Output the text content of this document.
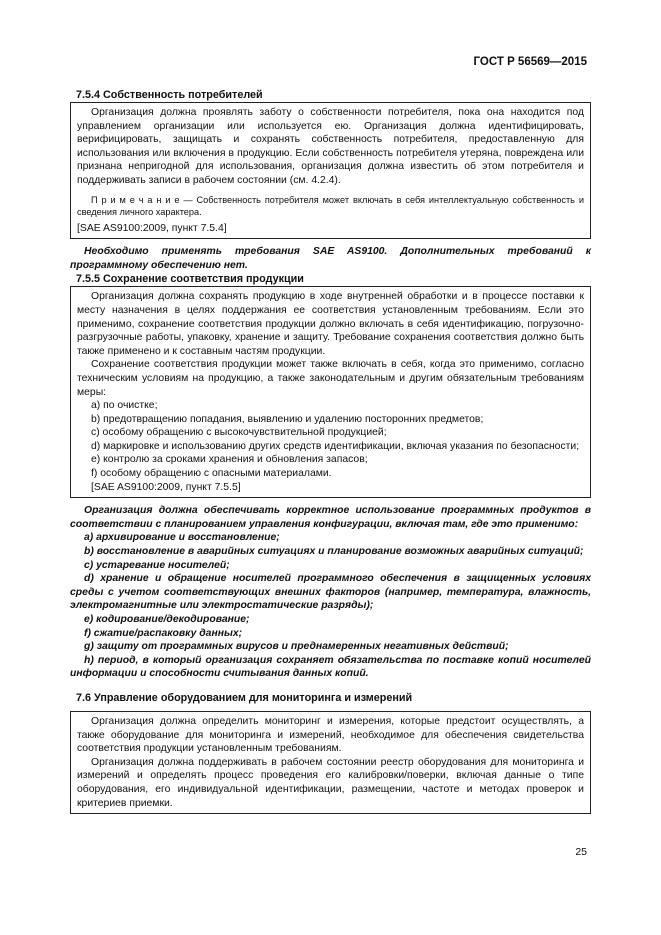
ГОСТ Р 56569—2015
7.5.4 Собственность потребителей

Организация должна проявлять заботу о собственности потребителя, пока она находится под управлением организации или используется ею. Организация должна идентифицировать, верифицировать, защищать и сохранять собственность потребителя, предоставленную для использования или включения в продукцию. Если собственность потребителя утеряна, повреждена или признана непригодной для использования, организация должна известить об этом потребителя и поддерживать записи в рабочем состоянии (см. 4.2.4).

П р и м е ч а н и е — Собственность потребителя может включать в себя интеллектуальную собственность и сведения личного характера.

[SAE AS9100:2009, пункт 7.5.4]

Необходимо применять требования SAE AS9100. Дополнительных требований к программному обеспечению нет.

7.5.5 Сохранение соответствия продукции

Организация должна сохранять продукцию в ходе внутренней обработки и в процессе поставки к месту назначения в целях поддержания ее соответствия установленным требованиям. Если это применимо, сохранение соответствия продукции должно включать в себя идентификацию, погрузочно-разгрузочные работы, упаковку, хранение и защиту. Требование сохранения соответствия должно быть также применено и к составным частям продукции.

Сохранение соответствия продукции может также включать в себя, когда это применимо, согласно техническим условиям на продукцию, а также законодательным и другим обязательным требованиям меры:

a) по очистке;

b) предотвращению попадания, выявлению и удалению посторонних предметов;

c) особому обращению с высокочувствительной продукцией;

d) маркировке и использованию других средств идентификации, включая указания по безопасности;

e) контролю за сроками хранения и обновления запасов;

f) особому обращению с опасными материалами.

[SAE AS9100:2009, пункт 7.5.5]

Организация должна обеспечивать корректное использование программных продуктов в соответствии с планированием управления конфигурации, включая там, где это применимо:

а) архивирование и восстановление;

b) восстановление в аварийных ситуациях и планирование возможных аварийных ситуаций;

с) устаревание носителей;

d) хранение и обращение носителей программного обеспечения в защищенных условиях среды с учетом соответствующих внешних факторов (например, температура, влажность, электромагнитные или электростатические разряды);

е) кодирование/декодирование;

f) сжатие/распаковку данных;

g) защиту от программных вирусов и преднамеренных негативных действий;

h) период, в который организация сохраняет обязательства по поставке копий носителей информации и способности считывания данных копий.

7.6 Управление оборудованием для мониторинга и измерений

Организация должна определить мониторинг и измерения, которые предстоит осуществлять, а также оборудование для мониторинга и измерений, необходимое для обеспечения свидетельства соответствия продукции установленным требованиям.

Организация должна поддерживать в рабочем состоянии реестр оборудования для мониторинга и измерений и определять процесс проведения его калибровки/поверки, включая данные о типе оборудования, его индивидуальной идентификации, размещении, частоте и методах проверок и критериев приемки.

25
